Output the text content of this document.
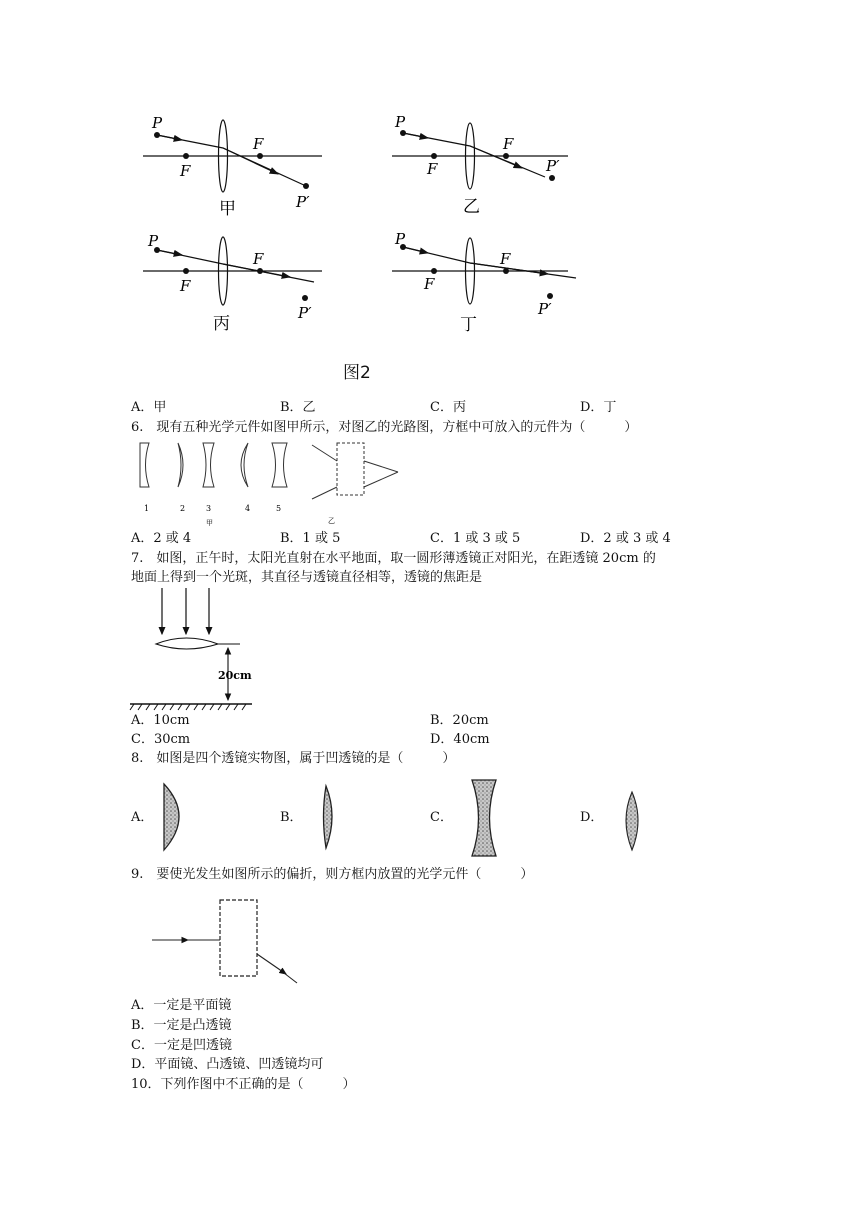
P
F
F
P′
甲
P
F
F
P′
乙
P
F
F
P′
丙
P
F
F
P′
丁
图2
A．甲	B．乙	C．丙	D．丁
6.　现有五种光学元件如图甲所示，对图乙的光路图，方框中可放入的元件为（　　　）
1	2	3	4	5
甲	乙
A．2 或 4	B．1 或 5	C．1 或 3 或 5	D．2 或 3 或 4
7.　如图，正午时，太阳光直射在水平地面，取一圆形薄透镜正对阳光，在距透镜 20cm 的
地面上得到一个光斑，其直径与透镜直径相等，透镜的焦距是
20cm
A．10cm	B．20cm
C．30cm	D．40cm
8.　如图是四个透镜实物图，属于凹透镜的是（　　　）
A．	B．	C．	D．
9.　要使光发生如图所示的偏折，则方框内放置的光学元件（　　　）
A．一定是平面镜
B．一定是凸透镜
C．一定是凹透镜
D．平面镜、凸透镜、凹透镜均可
10．下列作图中不正确的是（　　　）
